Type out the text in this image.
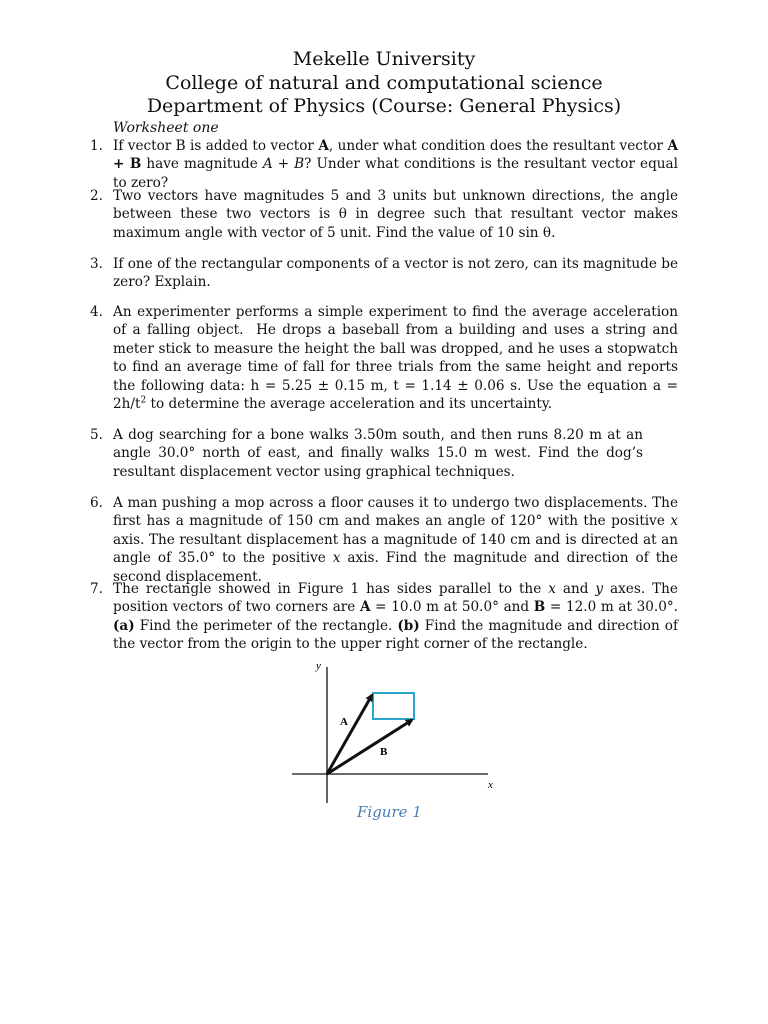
Mekelle University
College of natural and computational science
Department of Physics (Course: General Physics)
Worksheet one
1. If vector B is added to vector A, under what condition does the resultant vector A + B have magnitude A + B? Under what conditions is the resultant vector equal to zero?
2. Two vectors have magnitudes 5 and 3 units but unknown directions, the angle between these two vectors is θ in degree such that resultant vector makes maximum angle with vector of 5 unit. Find the value of 10 sin θ.
3. If one of the rectangular components of a vector is not zero, can its magnitude be zero? Explain.
4. An experimenter performs a simple experiment to find the average acceleration of a falling object.  He drops a baseball from a building and uses a string and meter stick to measure the height the ball was dropped, and he uses a stopwatch to find an average time of fall for three trials from the same height and reports the following data: h = 5.25 ± 0.15 m, t = 1.14 ± 0.06 s. Use the equation $a = 2h/t^2$ to determine the average acceleration and its uncertainty.
5. A dog searching for a bone walks 3.50m south, and then runs 8.20 m at an angle 30.0° north of east, and finally walks 15.0 m west. Find the dog’s resultant displacement vector using graphical techniques.
6. A man pushing a mop across a floor causes it to undergo two displacements. The first has a magnitude of 150 cm and makes an angle of 120° with the positive x axis. The resultant displacement has a magnitude of 140 cm and is directed at an angle of 35.0° to the positive x axis. Find the magnitude and direction of the second displacement.
7. The rectangle showed in Figure 1 has sides parallel to the x and y axes. The position vectors of two corners are A = 10.0 m at 50.0° and B = 12.0 m at 30.0°. (a) Find the perimeter of the rectangle. (b) Find the magnitude and direction of the vector from the origin to the upper right corner of the rectangle.
y
x
A
B
Figure 1
